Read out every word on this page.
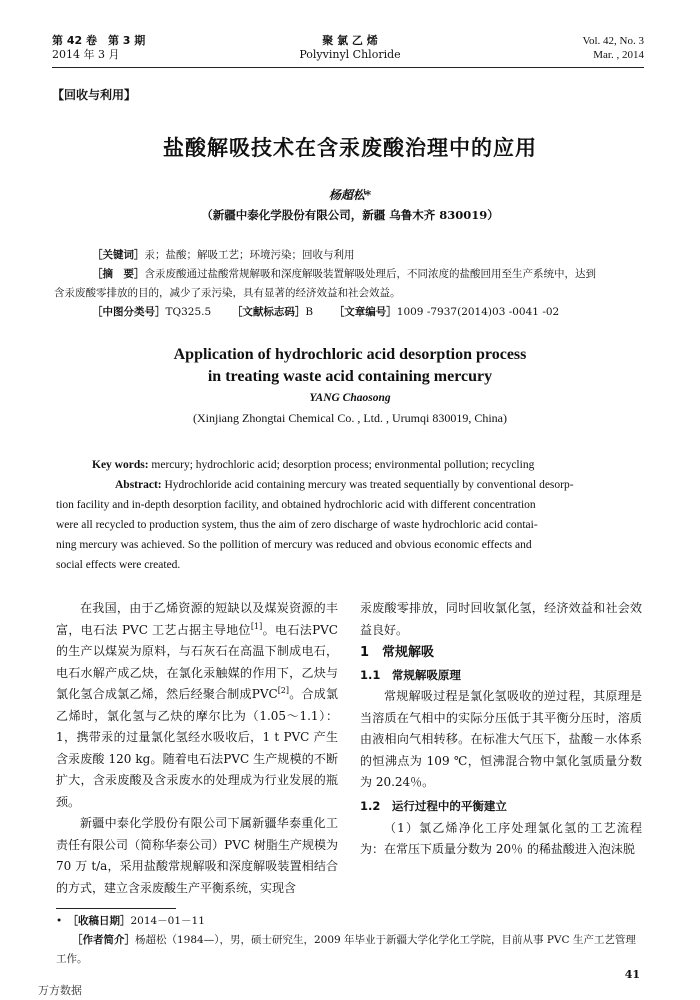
第 42 卷　第 3 期
2014 年 3 月
聚 氯 乙 烯
Polyvinyl Chloride
Vol. 42, No. 3
Mar. , 2014
【回收与利用】
盐酸解吸技术在含汞废酸治理中的应用
杨超松*
（新疆中泰化学股份有限公司，新疆 乌鲁木齐 830019）
［关键词］汞；盐酸；解吸工艺；环境污染；回收与利用
［摘　要］含汞废酸通过盐酸常规解吸和深度解吸装置解吸处理后，不同浓度的盐酸回用至生产系统中，达到
含汞废酸零排放的目的，减少了汞污染，具有显著的经济效益和社会效益。
［中图分类号］TQ325.5 ［文献标志码］B ［文章编号］1009 -7937(2014)03 -0041 -02
Application of hydrochloric acid desorption process
in treating waste acid containing mercury
YANG Chaosong
(Xinjiang Zhongtai Chemical Co. , Ltd. , Urumqi 830019, China)
Key words: mercury; hydrochloric acid; desorption process; environmental pollution; recycling
Abstract: Hydrochloride acid containing mercury was treated sequentially by conventional desorp-
tion facility and in-depth desorption facility, and obtained hydrochloric acid with different concentration
were all recycled to production system, thus the aim of zero discharge of waste hydrochloric acid contai-
ning mercury was achieved. So the pollition of mercury was reduced and obvious economic effects and
social effects were created.

在我国，由于乙烯资源的短缺以及煤炭资源的丰富，电石法 PVC 工艺占据主导地位[1]。电石法PVC 的生产以煤炭为原料，与石灰石在高温下制成电石，电石水解产成乙炔，在氯化汞触媒的作用下，乙炔与氯化氢合成氯乙烯，然后经聚合制成PVC[2]。合成氯乙烯时，氯化氢与乙炔的摩尔比为（1.05～1.1）：1，携带汞的过量氯化氢经水吸收后，1 t PVC 产生含汞废酸 120 kg。随着电石法PVC 生产规模的不断扩大，含汞废酸及含汞废水的处理成为行业发展的瓶颈。

新疆中泰化学股份有限公司下属新疆华泰重化工责任有限公司（简称华泰公司）PVC 树脂生产规模为 70 万 t/a，采用盐酸常规解吸和深度解吸装置相结合的方式，建立含汞废酸生产平衡系统，实现含

汞废酸零排放，同时回收氯化氢，经济效益和社会效益良好。
1　常规解吸
1.1　常规解吸原理

常规解吸过程是氯化氢吸收的逆过程，其原理是当溶质在气相中的实际分压低于其平衡分压时，溶质由液相向气相转移。在标准大气压下，盐酸－水体系的恒沸点为 109 ℃，恒沸混合物中氯化氢质量分数为 20.24％。

1.2　运行过程中的平衡建立

（1）氯乙烯净化工序处理氯化氢的工艺流程为：在常压下质量分数为 20％ 的稀盐酸进入泡沫脱

•　［收稿日期］2014－01－11
［作者简介］杨超松（1984—），男，硕士研究生，2009 年毕业于新疆大学化学化工学院，目前从事 PVC 生产工艺管理
工作。
41
万方数据
